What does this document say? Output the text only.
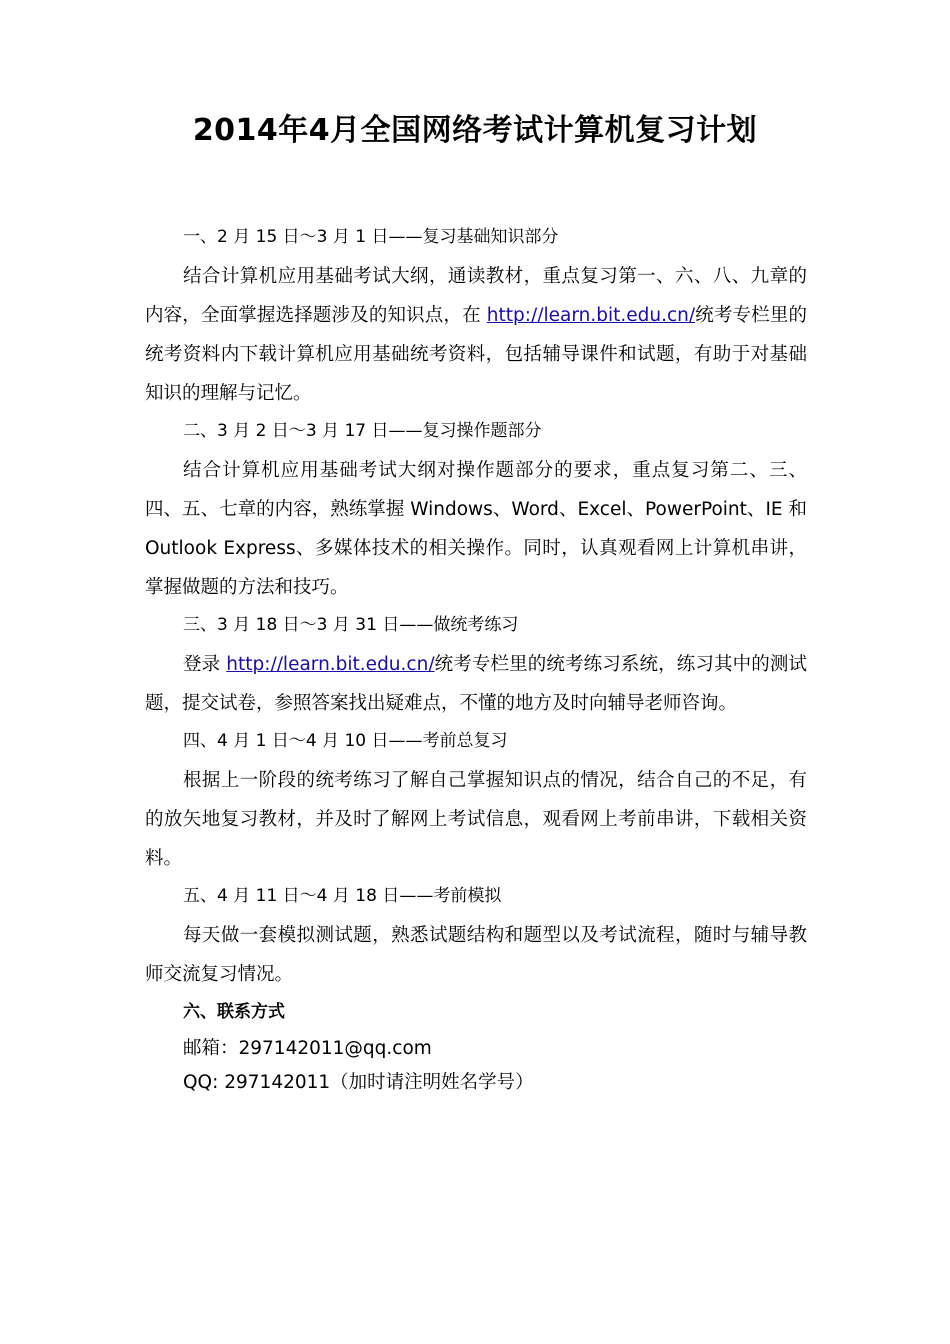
2014年4月全国网络考试计算机复习计划
一、2 月 15 日～3 月 1 日——复习基础知识部分

结合计算机应用基础考试大纲，通读教材，重点复习第一、六、八、九章的内容，全面掌握选择题涉及的知识点，在 http://learn.bit.edu.cn/统考专栏里的统考资料内下载计算机应用基础统考资料，包括辅导课件和试题，有助于对基础知识的理解与记忆。

二、3 月 2 日～3 月 17 日——复习操作题部分

结合计算机应用基础考试大纲对操作题部分的要求，重点复习第二、三、四、五、七章的内容，熟练掌握 Windows、Word、Excel、PowerPoint、IE 和 Outlook Express、多媒体技术的相关操作。同时，认真观看网上计算机串讲，掌握做题的方法和技巧。

三、3 月 18 日～3 月 31 日——做统考练习

登录 http://learn.bit.edu.cn/统考专栏里的统考练习系统，练习其中的测试题，提交试卷，参照答案找出疑难点，不懂的地方及时向辅导老师咨询。

四、4 月 1 日～4 月 10 日——考前总复习

根据上一阶段的统考练习了解自己掌握知识点的情况，结合自己的不足，有的放矢地复习教材，并及时了解网上考试信息，观看网上考前串讲，下载相关资料。

五、4 月 11 日～4 月 18 日——考前模拟

每天做一套模拟测试题，熟悉试题结构和题型以及考试流程，随时与辅导教师交流复习情况。

六、联系方式
邮箱：297142011@qq.com
QQ: 297142011（加时请注明姓名学号）
